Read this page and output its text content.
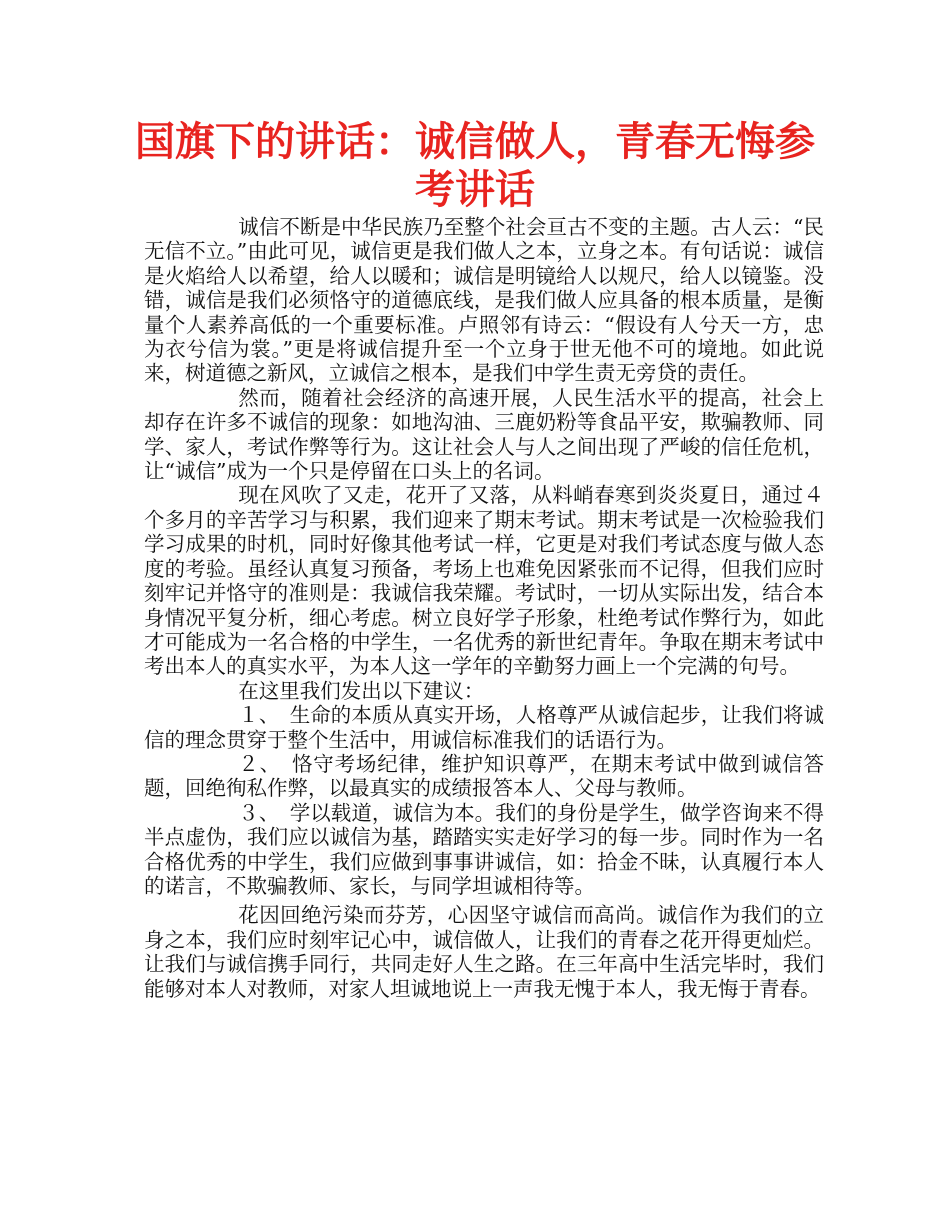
国旗下的讲话：诚信做人，青春无悔参考讲话

诚信不断是中华民族乃至整个社会亘古不变的主题。古人云：“民无信不立。”由此可见，诚信更是我们做人之本，立身之本。有句话说：诚信是火焰给人以希望，给人以暖和；诚信是明镜给人以规尺，给人以镜鉴。没错，诚信是我们必须恪守的道德底线，是我们做人应具备的根本质量，是衡量个人素养高低的一个重要标准。卢照邻有诗云：“假设有人兮天一方，忠为衣兮信为裳。”更是将诚信提升至一个立身于世无他不可的境地。如此说来，树道德之新风，立诚信之根本，是我们中学生责无旁贷的责任。

然而，随着社会经济的高速开展，人民生活水平的提高，社会上却存在许多不诚信的现象：如地沟油、三鹿奶粉等食品平安，欺骗教师、同学、家人，考试作弊等行为。这让社会人与人之间出现了严峻的信任危机，让“诚信”成为一个只是停留在口头上的名词。

现在风吹了又走，花开了又落，从料峭春寒到炎炎夏日，通过４个多月的辛苦学习与积累，我们迎来了期末考试。期末考试是一次检验我们学习成果的时机，同时好像其他考试一样，它更是对我们考试态度与做人态度的考验。虽经认真复习预备，考场上也难免因紧张而不记得，但我们应时刻牢记并恪守的准则是：我诚信我荣耀。考试时，一切从实际出发，结合本身情况平复分析，细心考虑。树立良好学子形象，杜绝考试作弊行为，如此才可能成为一名合格的中学生，一名优秀的新世纪青年。争取在期末考试中考出本人的真实水平，为本人这一学年的辛勤努力画上一个完满的句号。

在这里我们发出以下建议：

１、　生命的本质从真实开场，人格尊严从诚信起步，让我们将诚信的理念贯穿于整个生活中，用诚信标准我们的话语行为。

２、　恪守考场纪律，维护知识尊严，在期末考试中做到诚信答题，回绝徇私作弊，以最真实的成绩报答本人、父母与教师。

３、　学以载道，诚信为本。我们的身份是学生，做学咨询来不得半点虚伪，我们应以诚信为基，踏踏实实走好学习的每一步。同时作为一名合格优秀的中学生，我们应做到事事讲诚信，如：拾金不昧，认真履行本人的诺言，不欺骗教师、家长，与同学坦诚相待等。

花因回绝污染而芬芳，心因坚守诚信而高尚。诚信作为我们的立身之本，我们应时刻牢记心中，诚信做人，让我们的青春之花开得更灿烂。让我们与诚信携手同行，共同走好人生之路。在三年高中生活完毕时，我们能够对本人对教师，对家人坦诚地说上一声我无愧于本人，我无悔于青春。
